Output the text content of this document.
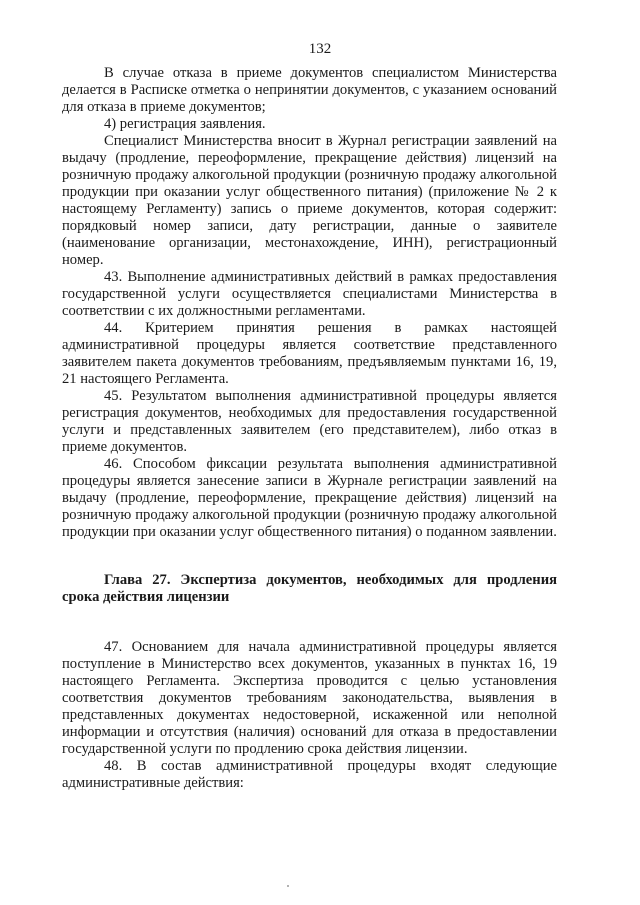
132

В случае отказа в приеме документов специалистом Министерства делается в Расписке отметка о непринятии документов, с указанием оснований для отказа в приеме документов;

4) регистрация заявления.

Специалист Министерства вносит в Журнал регистрации заявлений на выдачу (продление, переоформление, прекращение действия) лицензий на розничную продажу алкогольной продукции (розничную продажу алкогольной продукции при оказании услуг общественного питания) (приложение № 2 к настоящему Регламенту) запись о приеме документов, которая содержит: порядковый номер записи, дату регистрации, данные о заявителе (наименование организации, местонахождение, ИНН), регистрационный номер.

43. Выполнение административных действий в рамках предоставления государственной услуги осуществляется специалистами Министерства в соответствии с их должностными регламентами.

44. Критерием принятия решения в рамках настоящей административной процедуры является соответствие представленного заявителем пакета документов требованиям, предъявляемым пунктами 16, 19, 21 настоящего Регламента.

45. Результатом выполнения административной процедуры является регистрация документов, необходимых для предоставления государственной услуги и представленных заявителем (его представителем), либо отказ в приеме документов.

46. Способом фиксации результата выполнения административной процедуры является занесение записи в Журнале регистрации заявлений на выдачу (продление, переоформление, прекращение действия) лицензий на розничную продажу алкогольной продукции (розничную продажу алкогольной продукции при оказании услуг общественного питания) о поданном заявлении.

Глава 27. Экспертиза документов, необходимых для продления срока действия лицензии

47. Основанием для начала административной процедуры является поступление в Министерство всех документов, указанных в пунктах 16, 19 настоящего Регламента. Экспертиза проводится с целью установления соответствия документов требованиям законодательства, выявления в представленных документах недостоверной, искаженной или неполной информации и отсутствия (наличия) оснований для отказа в предоставлении государственной услуги по продлению срока действия лицензии.

48. В состав административной процедуры входят следующие административные действия:
